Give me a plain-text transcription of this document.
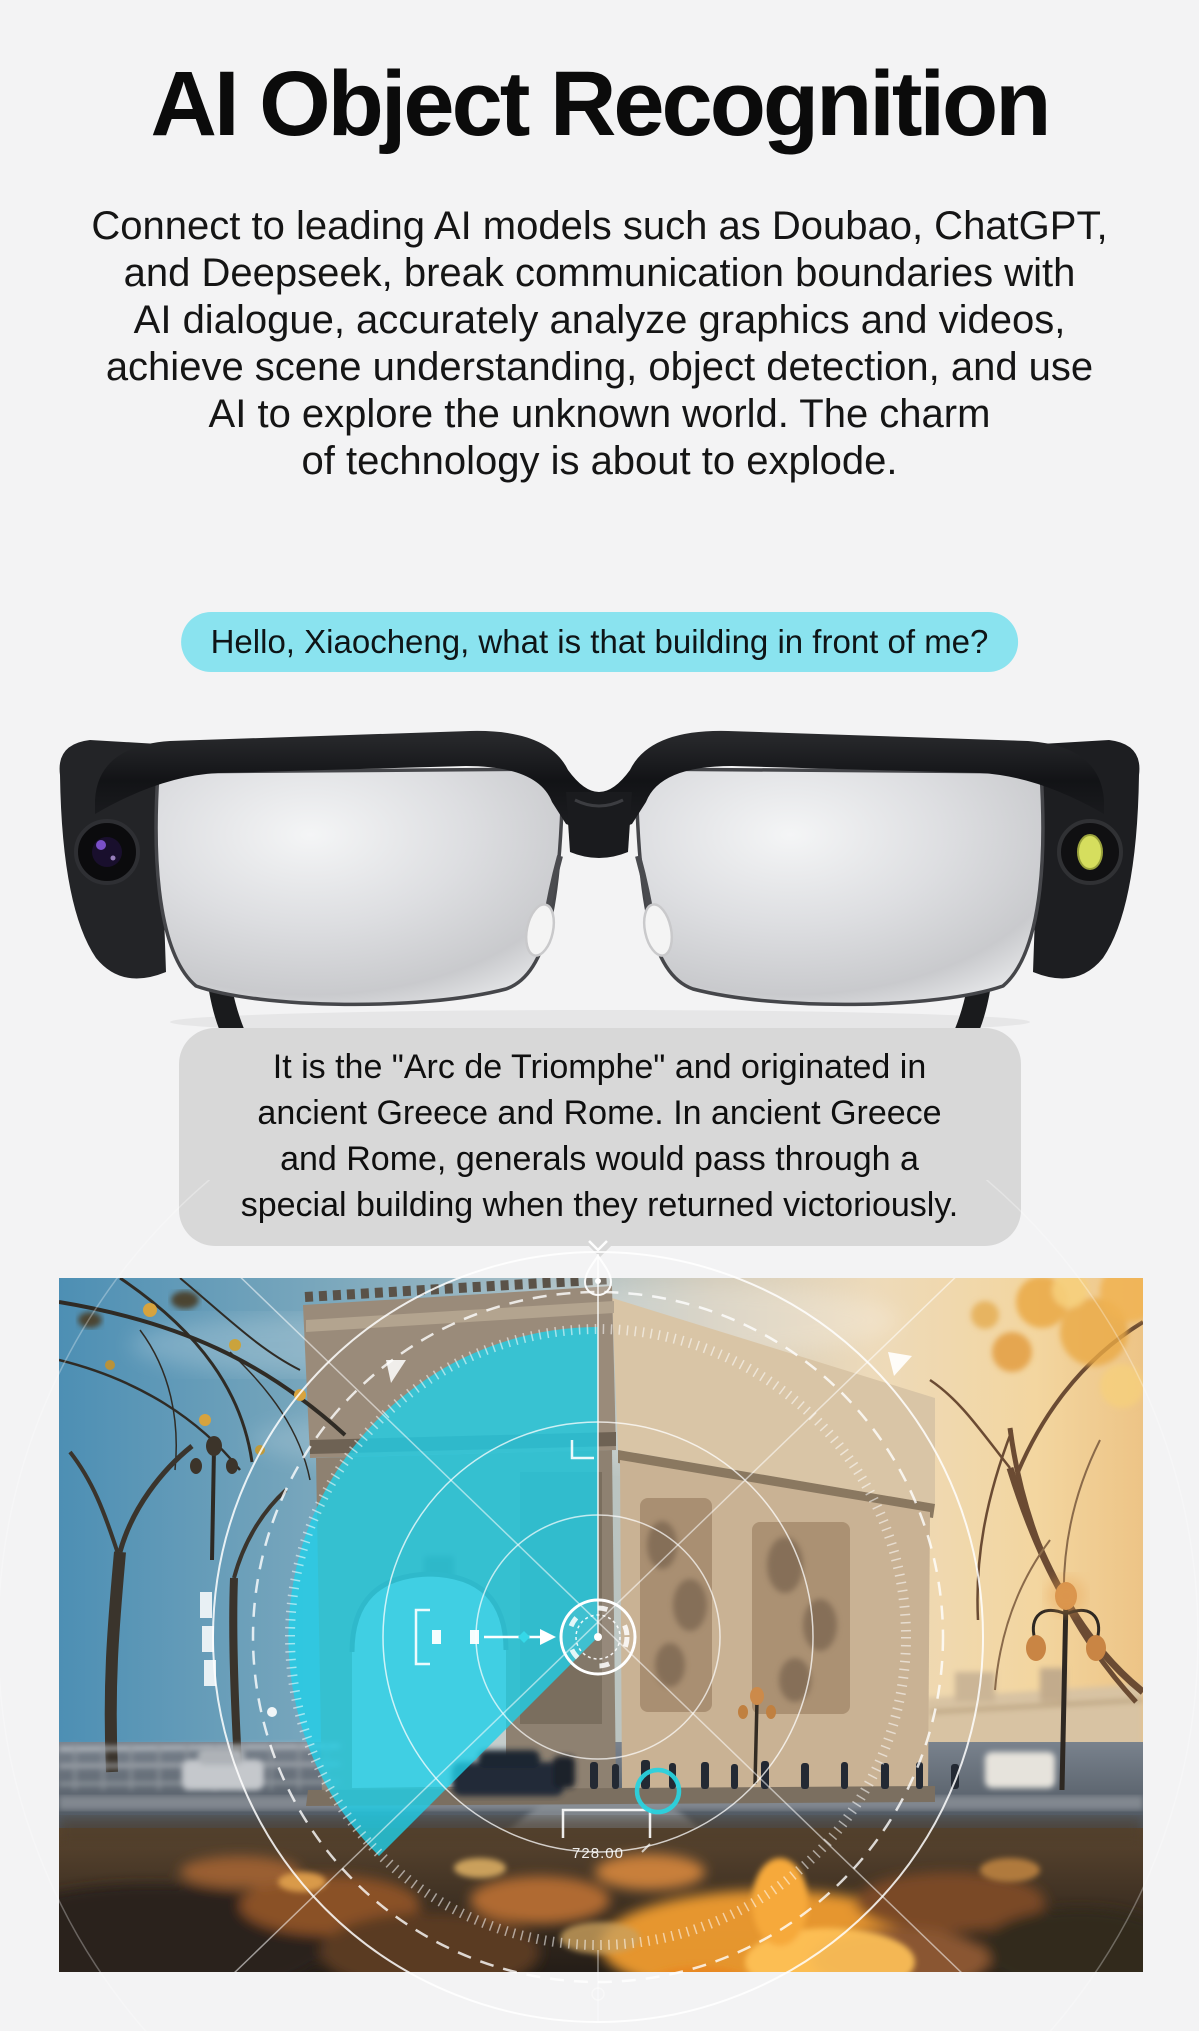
AI Object Recognition
Connect to leading AI models such as Doubao, ChatGPT,
and Deepseek, break communication boundaries with
AI dialogue, accurately analyze graphics and videos,
achieve scene understanding, object detection, and use
AI to explore the unknown world. The charm
of technology is about to explode.
Hello, Xiaocheng, what is that building in front of me?
It is the "Arc de Triomphe" and originated in
ancient Greece and Rome. In ancient Greece
and Rome, generals would pass through a
special building when they returned victoriously.
728.00
